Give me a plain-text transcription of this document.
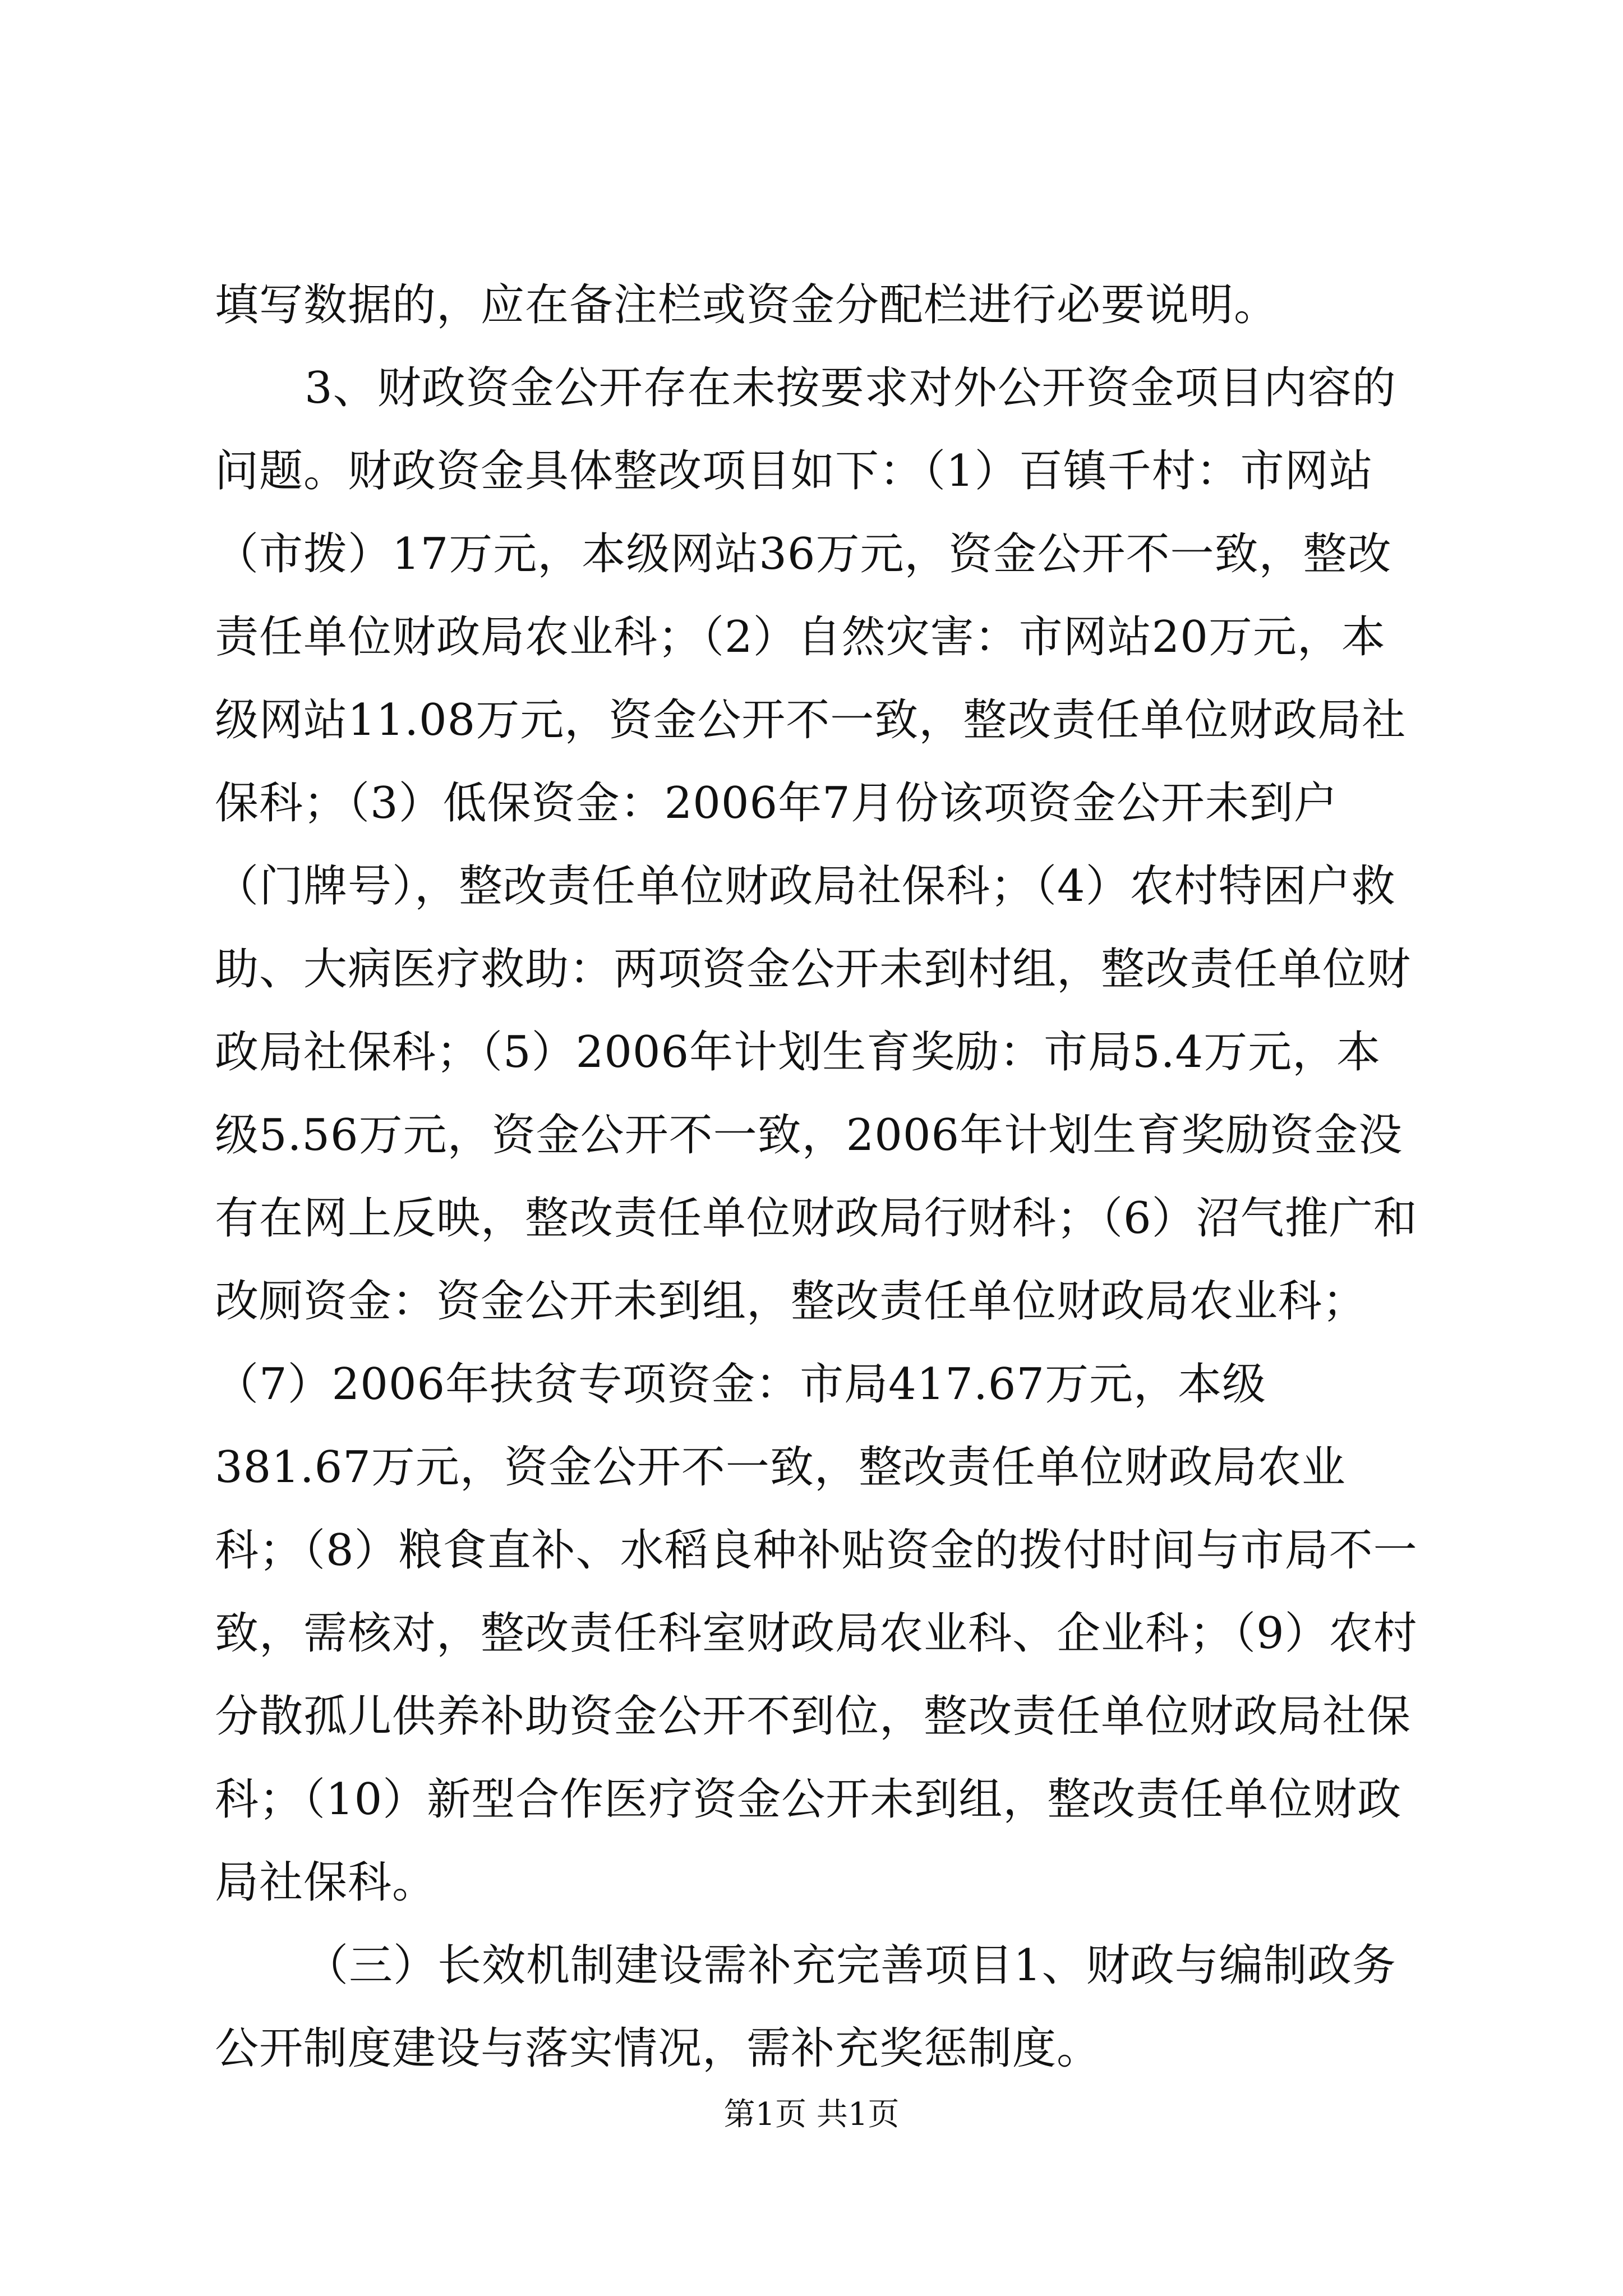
填写数据的，应在备注栏或资金分配栏进行必要说明。

3、财政资金公开存在未按要求对外公开资金项目内容的问题。财政资金具体整改项目如下：（1）百镇千村：市网站（市拨）17万元，本级网站36万元，资金公开不一致，整改责任单位财政局农业科；（2）自然灾害：市网站20万元，本级网站11.08万元，资金公开不一致，整改责任单位财政局社保科；（3）低保资金：2006年7月份该项资金公开未到户（门牌号），整改责任单位财政局社保科；（4）农村特困户救助、大病医疗救助：两项资金公开未到村组，整改责任单位财政局社保科；（5）2006年计划生育奖励：市局5.4万元，本级5.56万元，资金公开不一致，2006年计划生育奖励资金没有在网上反映，整改责任单位财政局行财科；（6）沼气推广和改厕资金：资金公开未到组，整改责任单位财政局农业科；（7）2006年扶贫专项资金：市局417.67万元，本级381.67万元，资金公开不一致，整改责任单位财政局农业科；（8）粮食直补、水稻良种补贴资金的拨付时间与市局不一致，需核对，整改责任科室财政局农业科、企业科；（9）农村分散孤儿供养补助资金公开不到位，整改责任单位财政局社保科；（10）新型合作医疗资金公开未到组，整改责任单位财政局社保科。

（三）长效机制建设需补充完善项目1、财政与编制政务公开制度建设与落实情况，需补充奖惩制度。

第1页 共1页
